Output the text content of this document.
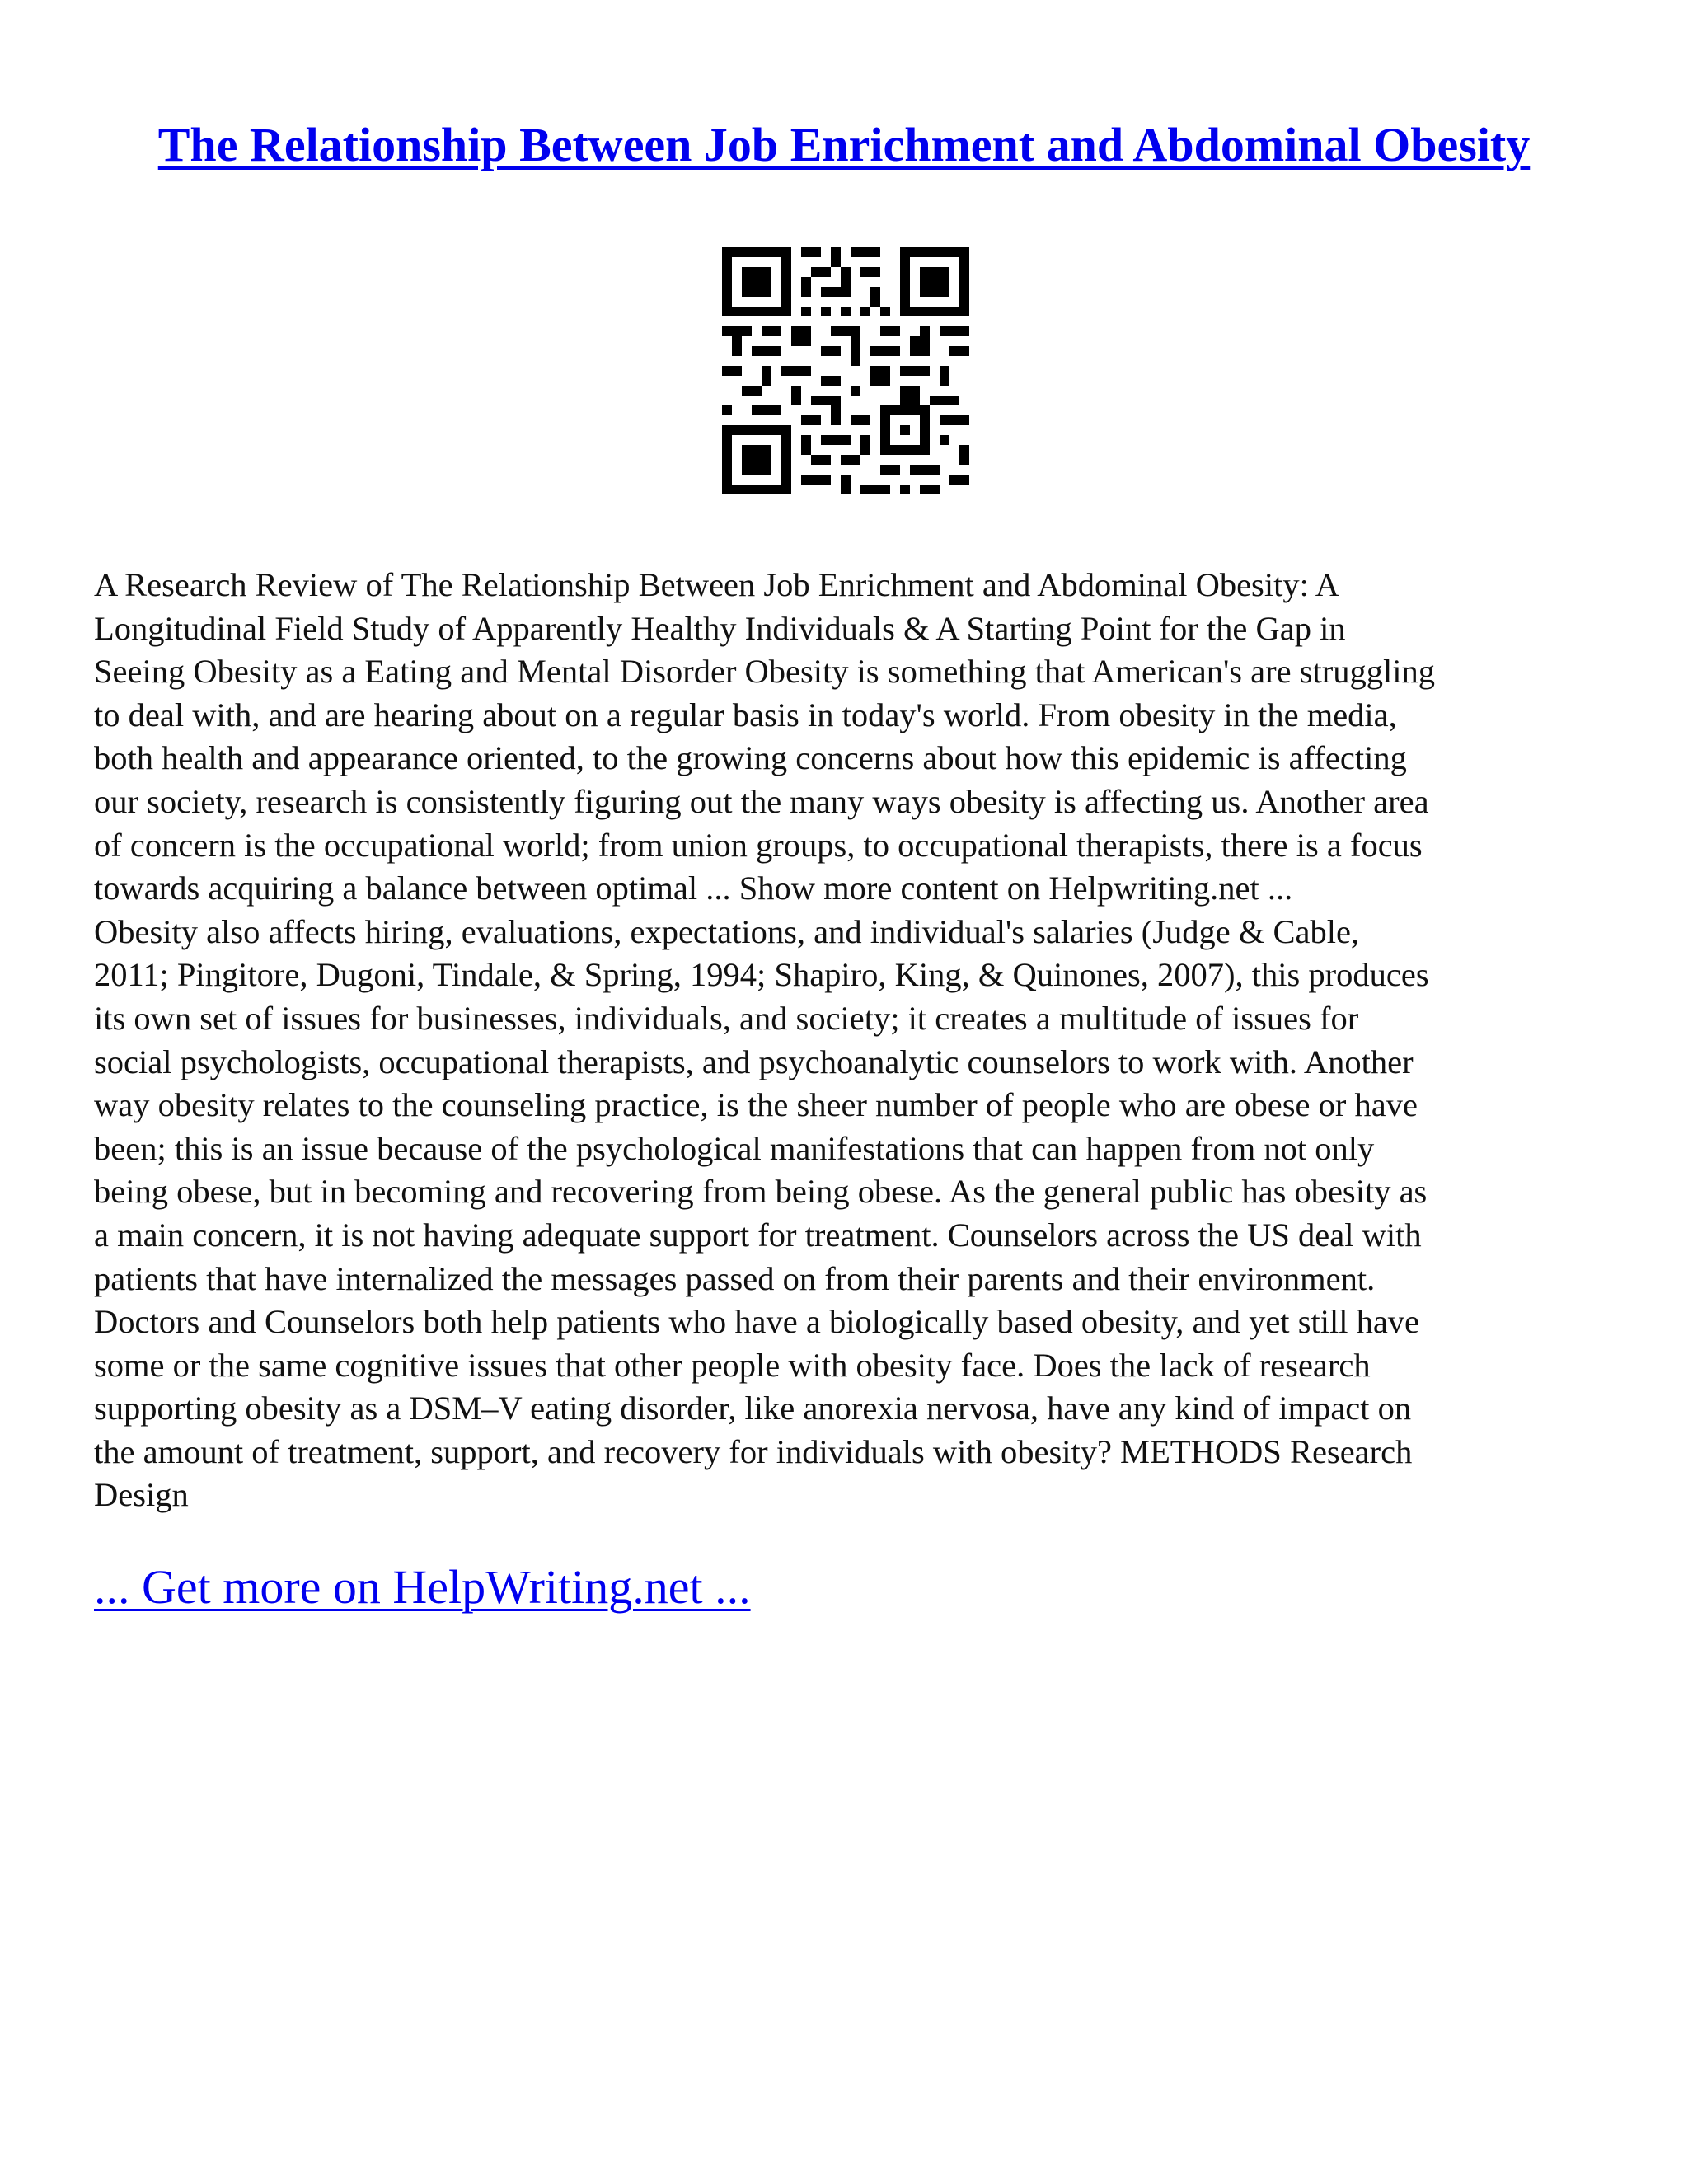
The Relationship Between Job Enrichment and Abdominal Obesity
A Research Review of The Relationship Between Job Enrichment and Abdominal Obesity: A
Longitudinal Field Study of Apparently Healthy Individuals & A Starting Point for the Gap in
Seeing Obesity as a Eating and Mental Disorder Obesity is something that American's are struggling
to deal with, and are hearing about on a regular basis in today's world. From obesity in the media,
both health and appearance oriented, to the growing concerns about how this epidemic is affecting
our society, research is consistently figuring out the many ways obesity is affecting us. Another area
of concern is the occupational world; from union groups, to occupational therapists, there is a focus
towards acquiring a balance between optimal ... Show more content on Helpwriting.net ...
Obesity also affects hiring, evaluations, expectations, and individual's salaries (Judge & Cable,
2011; Pingitore, Dugoni, Tindale, & Spring, 1994; Shapiro, King, & Quinones, 2007), this produces
its own set of issues for businesses, individuals, and society; it creates a multitude of issues for
social psychologists, occupational therapists, and psychoanalytic counselors to work with. Another
way obesity relates to the counseling practice, is the sheer number of people who are obese or have
been; this is an issue because of the psychological manifestations that can happen from not only
being obese, but in becoming and recovering from being obese. As the general public has obesity as
a main concern, it is not having adequate support for treatment. Counselors across the US deal with
patients that have internalized the messages passed on from their parents and their environment.
Doctors and Counselors both help patients who have a biologically based obesity, and yet still have
some or the same cognitive issues that other people with obesity face. Does the lack of research
supporting obesity as a DSM–V eating disorder, like anorexia nervosa, have any kind of impact on
the amount of treatment, support, and recovery for individuals with obesity? METHODS Research
Design
... Get more on HelpWriting.net ...
